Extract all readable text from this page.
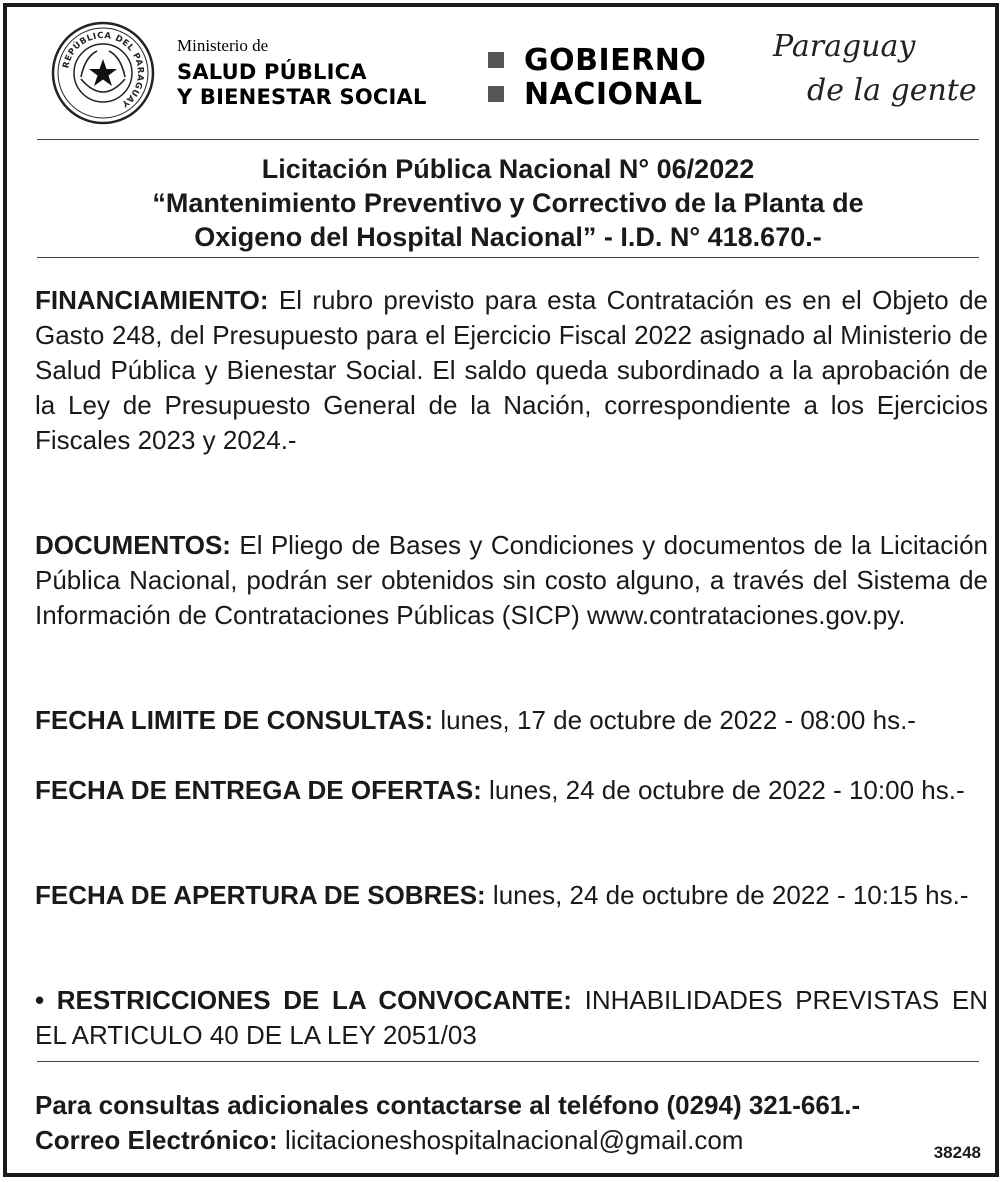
REPÚBLICA DEL PARAGUAY
Ministerio de
SALUD PÚBLICA
Y BIENESTAR SOCIAL
GOBIERNO
NACIONAL
Paraguay
de la gente
Licitación Pública Nacional N° 06/2022
“Mantenimiento Preventivo y Correctivo de la Planta de
Oxigeno del Hospital Nacional” - I.D. N° 418.670.-
FINANCIAMIENTO: El rubro previsto para esta Contratación es en el Objeto de Gasto 248, del Presupuesto para el Ejercicio Fiscal 2022 asignado al Ministerio de Salud Pública y Bienestar Social. El saldo queda subordinado a la aprobación de la Ley de Presupuesto General de la Nación, correspondiente a los Ejercicios Fiscales 2023 y 2024.-
DOCUMENTOS: El Pliego de Bases y Condiciones y documentos de la Licitación Pública Nacional, podrán ser obtenidos sin costo alguno, a través del Sistema de Información de Contrataciones Públicas (SICP) www.contrataciones.gov.py.
FECHA LIMITE DE CONSULTAS: lunes, 17 de octubre de 2022 - 08:00 hs.-
FECHA DE ENTREGA DE OFERTAS: lunes, 24 de octubre de 2022 - 10:00 hs.-
FECHA DE APERTURA DE SOBRES: lunes, 24 de octubre de 2022 - 10:15 hs.-
• RESTRICCIONES DE LA CONVOCANTE: INHABILIDADES PREVISTAS EN EL ARTICULO 40 DE LA LEY 2051/03
Para consultas adicionales contactarse al teléfono (0294) 321-661.-
Correo Electrónico: licitacioneshospitalnacional@gmail.com	38248
